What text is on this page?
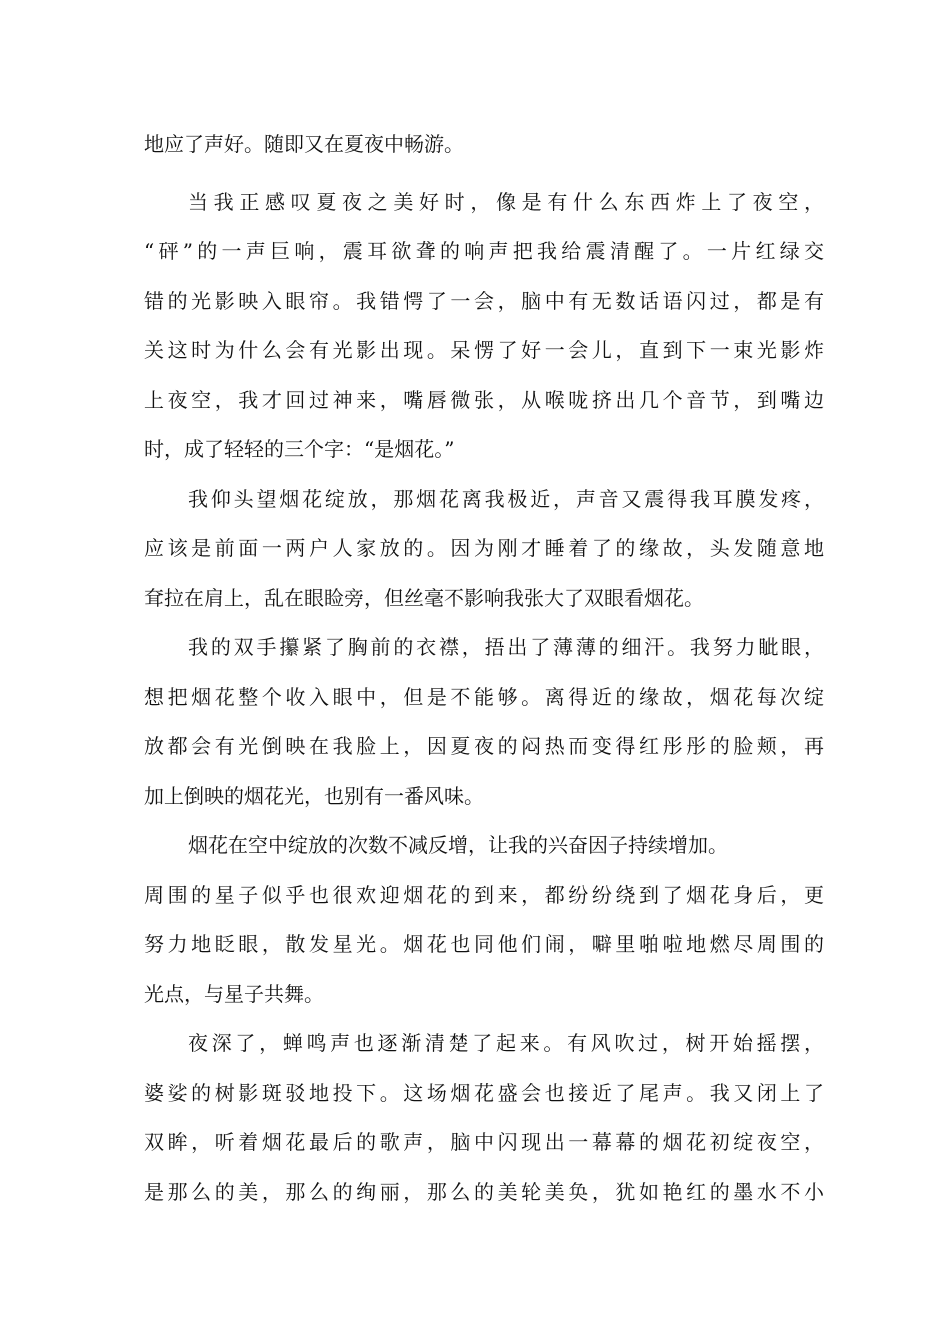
地应了声好。随即又在夏夜中畅游。
当我正感叹夏夜之美好时，像是有什么东西炸上了夜空，
“砰”的一声巨响，震耳欲聋的响声把我给震清醒了。一片红绿交
错的光影映入眼帘。我错愕了一会，脑中有无数话语闪过，都是有
关这时为什么会有光影出现。呆愣了好一会儿，直到下一束光影炸
上夜空，我才回过神来，嘴唇微张，从喉咙挤出几个音节，到嘴边
时，成了轻轻的三个字：“是烟花。”
我仰头望烟花绽放，那烟花离我极近，声音又震得我耳膜发疼，
应该是前面一两户人家放的。因为刚才睡着了的缘故，头发随意地
耷拉在肩上，乱在眼睑旁，但丝毫不影响我张大了双眼看烟花。
我的双手攥紧了胸前的衣襟，捂出了薄薄的细汗。我努力眦眼，
想把烟花整个收入眼中，但是不能够。离得近的缘故，烟花每次绽
放都会有光倒映在我脸上，因夏夜的闷热而变得红彤彤的脸颊，再
加上倒映的烟花光，也别有一番风味。
烟花在空中绽放的次数不减反增，让我的兴奋因子持续增加。
周围的星子似乎也很欢迎烟花的到来，都纷纷绕到了烟花身后，更
努力地眨眼，散发星光。烟花也同他们闹，噼里啪啦地燃尽周围的
光点，与星子共舞。
夜深了，蝉鸣声也逐渐清楚了起来。有风吹过，树开始摇摆，
婆娑的树影斑驳地投下。这场烟花盛会也接近了尾声。我又闭上了
双眸，听着烟花最后的歌声，脑中闪现出一幕幕的烟花初绽夜空，
是那么的美，那么的绚丽，那么的美轮美奂，犹如艳红的墨水不小
